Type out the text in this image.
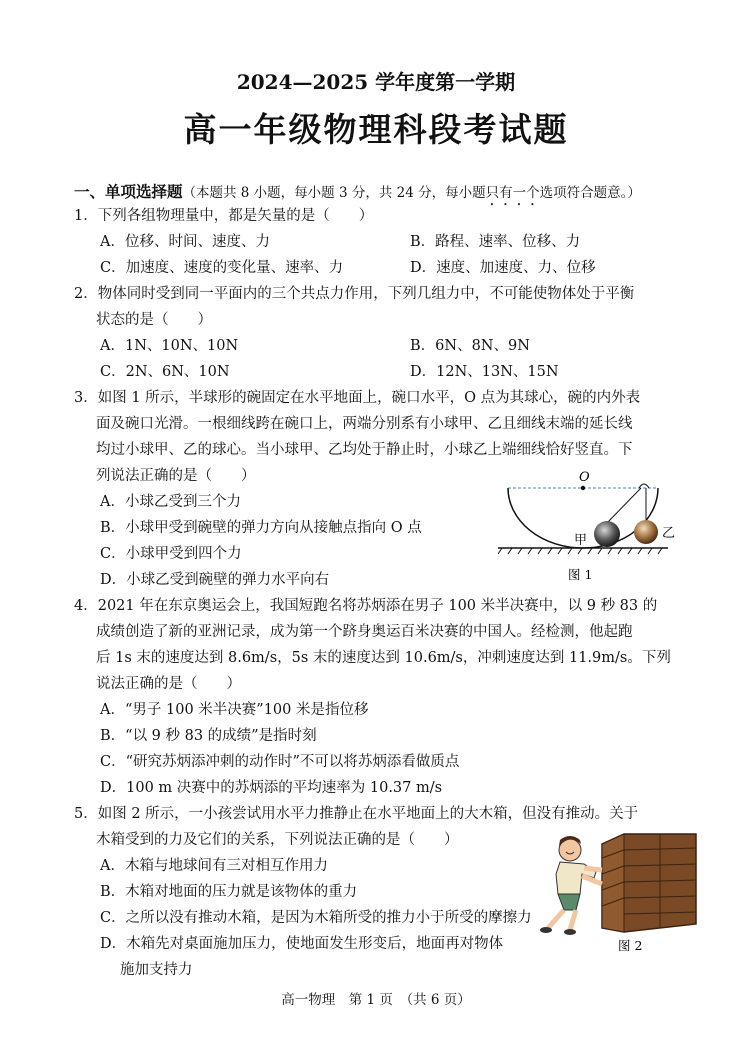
2024—2025 学年度第一学期
高一年级物理科段考试题
一、单项选择题（本题共 8 小题，每小题 3 分，共 24 分，每小题只有一个选项符合题意。）
1．下列各组物理量中，都是矢量的是（　　）
A．位移、时间、速度、力	B．路程、速率、位移、力
C．加速度、速度的变化量、速率、力	D．速度、加速度、力、位移
2．物体同时受到同一平面内的三个共点力作用，下列几组力中，不可能使物体处于平衡
状态的是（　　）
A．1N、10N、10N	B．6N、8N、9N
C．2N、6N、10N	D．12N、13N、15N
3．如图 1 所示，半球形的碗固定在水平地面上，碗口水平，O 点为其球心，碗的内外表
面及碗口光滑。一根细线跨在碗口上，两端分别系有小球甲、乙且细线末端的延长线
均过小球甲、乙的球心。当小球甲、乙均处于静止时，小球乙上端细线恰好竖直。下
列说法正确的是（　　）
A．小球乙受到三个力
B．小球甲受到碗壁的弹力方向从接触点指向 O 点
C．小球甲受到四个力
D．小球乙受到碗壁的弹力水平向右
O
甲	乙
图 1
4．2021 年在东京奥运会上，我国短跑名将苏炳添在男子 100 米半决赛中，以 9 秒 83 的
成绩创造了新的亚洲记录，成为第一个跻身奥运百米决赛的中国人。经检测，他起跑
后 1s 末的速度达到 8.6m/s，5s 末的速度达到 10.6m/s，冲刺速度达到 11.9m/s。下列
说法正确的是（　　）
A．“男子 100 米半决赛”100 米是指位移
B．“以 9 秒 83 的成绩”是指时刻
C．“研究苏炳添冲刺的动作时”不可以将苏炳添看做质点
D．100 m 决赛中的苏炳添的平均速率为 10.37 m/s
5．如图 2 所示，一小孩尝试用水平力推静止在水平地面上的大木箱，但没有推动。关于
木箱受到的力及它们的关系，下列说法正确的是（　　）
A．木箱与地球间有三对相互作用力
B．木箱对地面的压力就是该物体的重力
C．之所以没有推动木箱，是因为木箱所受的推力小于所受的摩擦力
D．木箱先对桌面施加压力，使地面发生形变后，地面再对物体
施加支持力
图 2
高一物理　第 1 页　（共 6 页）
